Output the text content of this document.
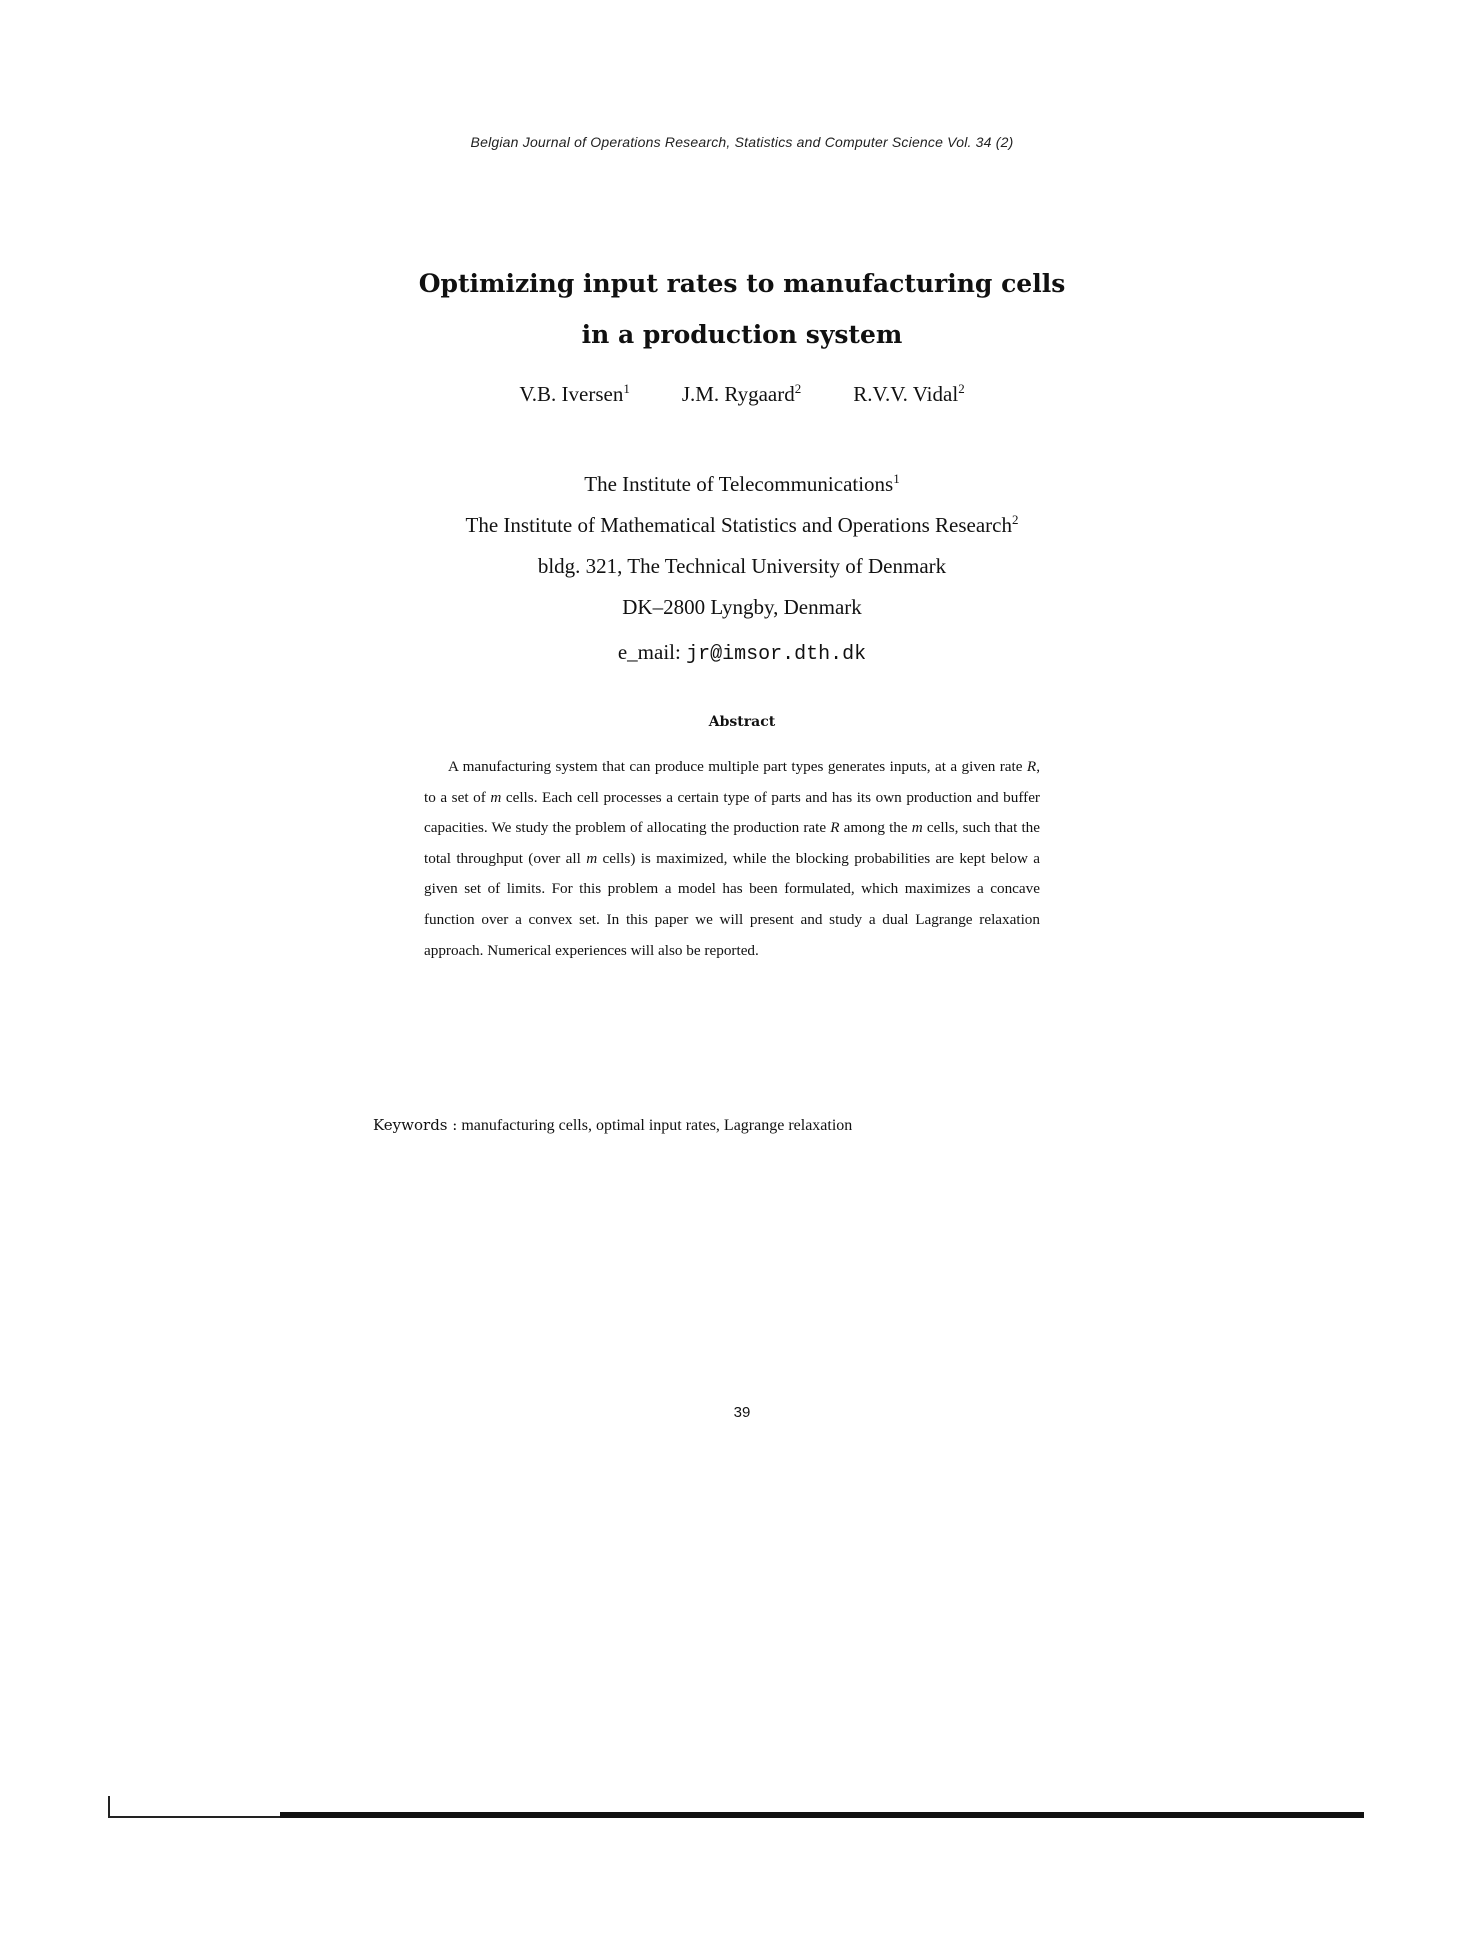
Belgian Journal of Operations Research, Statistics and Computer Science Vol. 34 (2)
Optimizing input rates to manufacturing cells
in a production system
V.B. Iversen$^1$ J.M. Rygaard$^2$ R.V.V. Vidal$^2$
The Institute of Telecommunications$^1$
The Institute of Mathematical Statistics and Operations Research$^2$
bldg. 321, The Technical University of Denmark
DK–2800 Lyngby, Denmark
e_mail: jr@imsor.dth.dk
Abstract
A manufacturing system that can produce multiple part types generates inputs, at a given rate R, to a set of m cells. Each cell processes a certain type of parts and has its own production and buffer capacities. We study the problem of allocating the production rate R among the m cells, such that the total throughput (over all m cells) is maximized, while the blocking probabilities are kept below a given set of limits. For this problem a model has been formulated, which maximizes a concave function over a convex set. In this paper we will present and study a dual Lagrange relaxation approach. Numerical experiences will also be reported.
Keywords : manufacturing cells, optimal input rates, Lagrange relaxation
39
